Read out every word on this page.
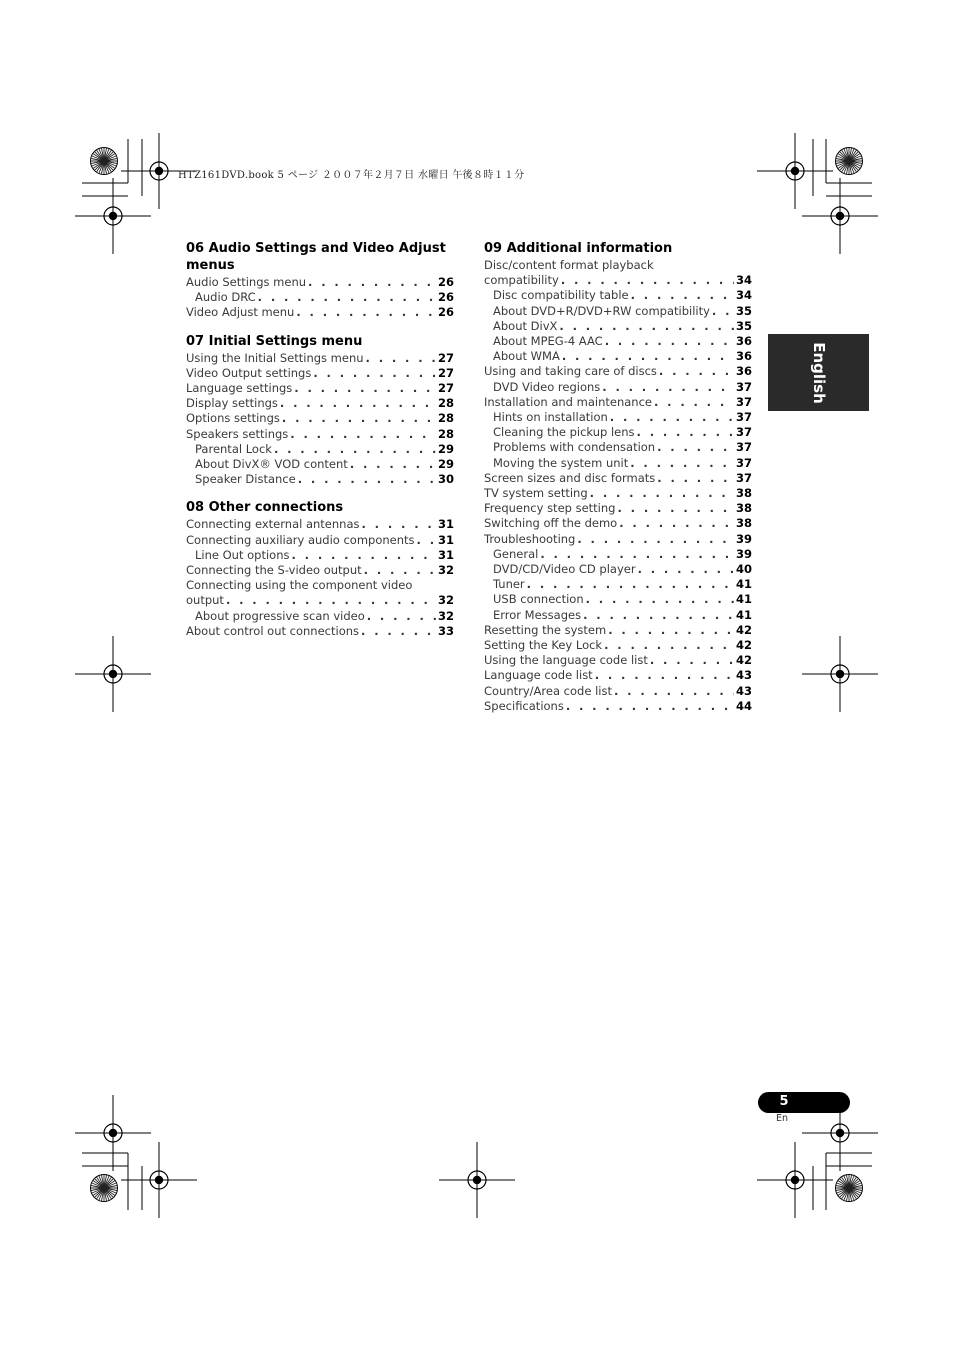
HTZ161DVD.book 5 ページ ２００７年２月７日 水曜日 午後８時１１分
English
06 Audio Settings and Video Adjust menus
Audio Settings menu . . .	26
Audio DRC . . .	26
Video Adjust menu . . .	26
07 Initial Settings menu
Using the Initial Settings menu . . .	27
Video Output settings . . .	27
Language settings . . .	27
Display settings . . .	28
Options settings . . .	28
Speakers settings . . .	28
Parental Lock . . .	29
About DivX® VOD content . . .	29
Speaker Distance . . .	30
08 Other connections
Connecting external antennas . . .	31
Connecting auxiliary audio components . . . 31
Line Out options . . .	31
Connecting the S-video output . . .	32
Connecting using the component video
output . . .	32
About progressive scan video . . .	32
About control out connections . . .	33
09 Additional information
Disc/content format playback
compatibility . . .	34
Disc compatibility table . . .	34
About DVD+R/DVD+RW compatibility . . . 35
About DivX . . .	35
About MPEG-4 AAC . . .	36
About WMA . . .	36
Using and taking care of discs . . .	36
DVD Video regions . . .	37
Installation and maintenance . . .	37
Hints on installation . . .	37
Cleaning the pickup lens . . .	37
Problems with condensation . . .	37
Moving the system unit . . .	37
Screen sizes and disc formats . . .	37
TV system setting . . .	38
Frequency step setting . . .	38
Switching off the demo . . .	38
Troubleshooting . . .	39
General . . .	39
DVD/CD/Video CD player . . .	40
Tuner . . .	41
USB connection . . .	41
Error Messages . . .	41
Resetting the system . . .	42
Setting the Key Lock . . .	42
Using the language code list . . .	42
Language code list . . .	43
Country/Area code list . . .	43
Specifications . . .	44
5
En
